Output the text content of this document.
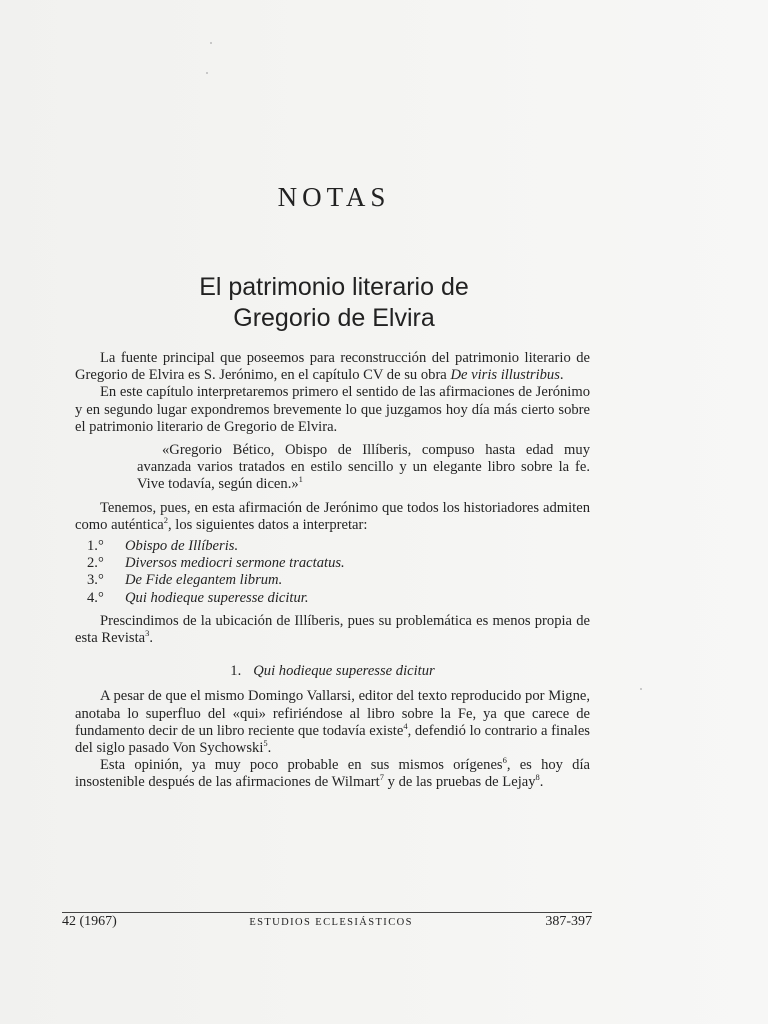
NOTAS
El patrimonio literario de
Gregorio de Elvira

La fuente principal que poseemos para reconstrucción del patrimonio literario de Gregorio de Elvira es S. Jerónimo, en el capítulo CV de su obra De viris illustribus.

En este capítulo interpretaremos primero el sentido de las afirmaciones de Jerónimo y en segundo lugar expondremos brevemente lo que juzgamos hoy día más cierto sobre el patrimonio literario de Gregorio de Elvira.

«Gregorio Bético, Obispo de Illíberis, compuso hasta edad muy avanzada varios tratados en estilo sencillo y un elegante libro sobre la fe. Vive todavía, según dicen.»$^1$

Tenemos, pues, en esta afirmación de Jerónimo que todos los historiadores admiten como auténtica$^2$, los siguientes datos a interpretar:

1.°	Obispo de Illíberis.
2.°	Diversos mediocri sermone tractatus.
3.°	De Fide elegantem librum.
4.°	Qui hodieque superesse dicitur.

Prescindimos de la ubicación de Illíberis, pues su problemática es menos propia de esta Revista$^3$.

1. Qui hodieque superesse dicitur

A pesar de que el mismo Domingo Vallarsi, editor del texto reproducido por Migne, anotaba lo superfluo del «qui» refiriéndose al libro sobre la Fe, ya que carece de fundamento decir de un libro reciente que todavía existe$^4$, defendió lo contrario a finales del siglo pasado Von Sychowski$^5$.

Esta opinión, ya muy poco probable en sus mismos orígenes$^6$, es hoy día insostenible después de las afirmaciones de Wilmart$^7$ y de las pruebas de Lejay$^8$.

42 (1967)	ESTUDIOS ECLESIÁSTICOS	387-397
